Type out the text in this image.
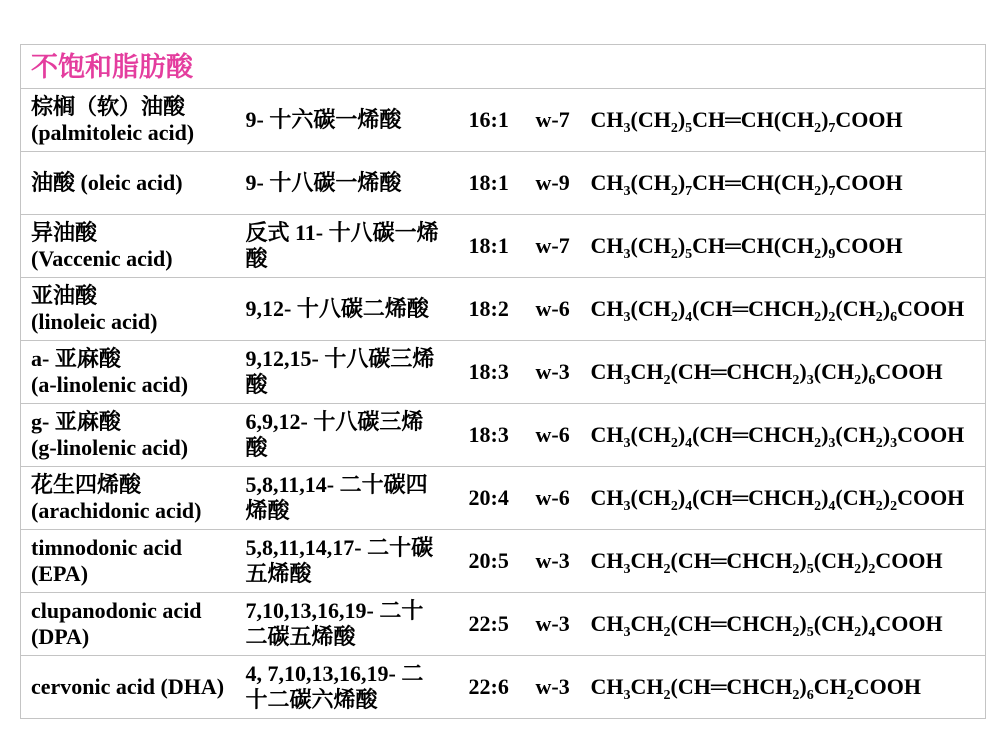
不饱和脂肪酸				

棕榈（软）油酸
(palmitoleic acid)	9- 十六碳一烯酸	16:1	w-7	$CH_3(CH_2)_5CH═CH(CH_2)_7COOH$

油酸 (oleic acid)	9- 十八碳一烯酸	18:1	w-9	$CH_3(CH_2)_7CH═CH(CH_2)_7COOH$

异油酸
(Vaccenic acid)	反式 11- 十八碳一烯
酸	18:1	w-7	$CH_3(CH_2)_5CH═CH(CH_2)_9COOH$

亚油酸
(linoleic acid)	9,12- 十八碳二烯酸	18:2	w-6	$CH_3(CH_2)_4(CH═CHCH_2)_2(CH_2)_6COOH$

a- 亚麻酸
(a-linolenic acid)	9,12,15- 十八碳三烯
酸	18:3	w-3	$CH_3CH_2(CH═CHCH_2)_3(CH_2)_6COOH$

g- 亚麻酸
(g-linolenic acid)	6,9,12- 十八碳三烯
酸	18:3	w-6	$CH_3(CH_2)_4(CH═CHCH_2)_3(CH_2)_3COOH$

花生四烯酸
(arachidonic acid)	5,8,11,14- 二十碳四
烯酸	20:4	w-6	$CH_3(CH_2)_4(CH═CHCH_2)_4(CH_2)_2COOH$

timnodonic acid
(EPA)	5,8,11,14,17- 二十碳
五烯酸	20:5	w-3	$CH_3CH_2(CH═CHCH_2)_5(CH_2)_2COOH$

clupanodonic acid
(DPA)	7,10,13,16,19- 二十
二碳五烯酸	22:5	w-3	$CH_3CH_2(CH═CHCH_2)_5(CH_2)_4COOH$

cervonic acid (DHA)	4, 7,10,13,16,19- 二
十二碳六烯酸	22:6	w-3	$CH_3CH_2(CH═CHCH_2)_6CH_2COOH$
